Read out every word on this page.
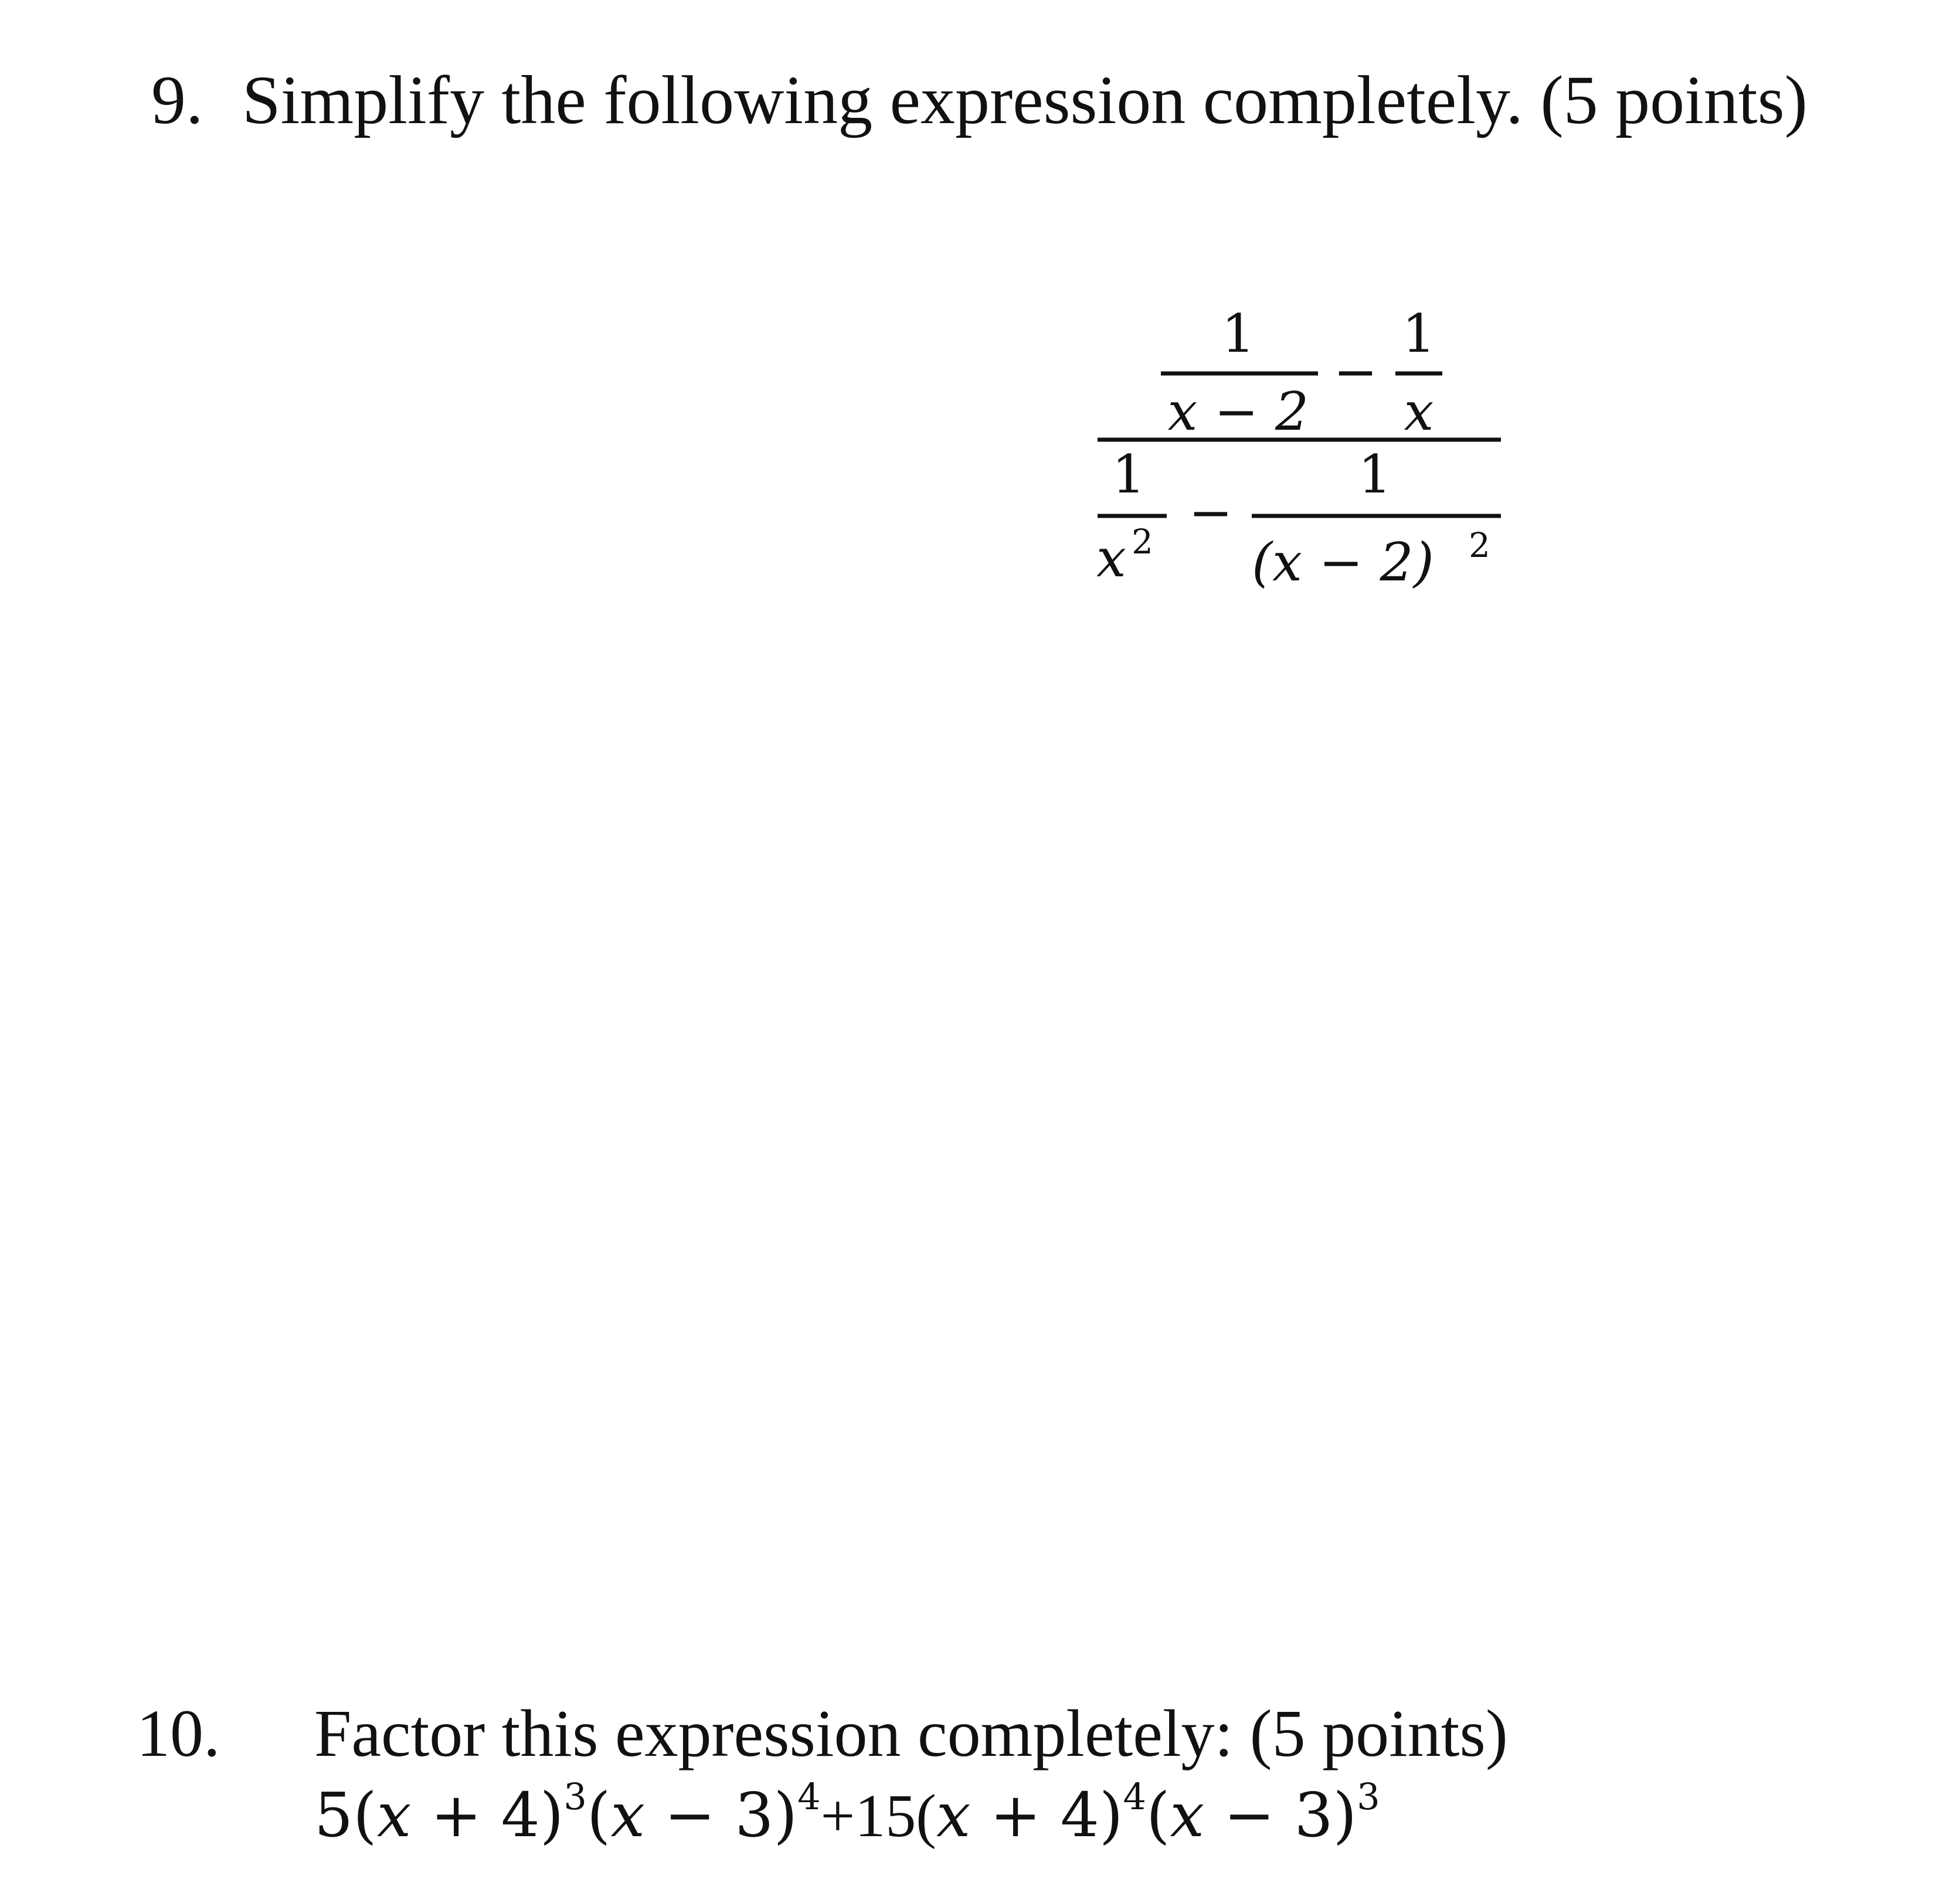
9. Simplify the following expression completely. (5 points)
1
x − 2
−
1
x
1
x 2 −
1
(x − 2) 2
10. Factor this expression completely: (5 points)
$5(x + 4)^3(x - 3)^4+15(x + 4)^4(x - 3)^3$
